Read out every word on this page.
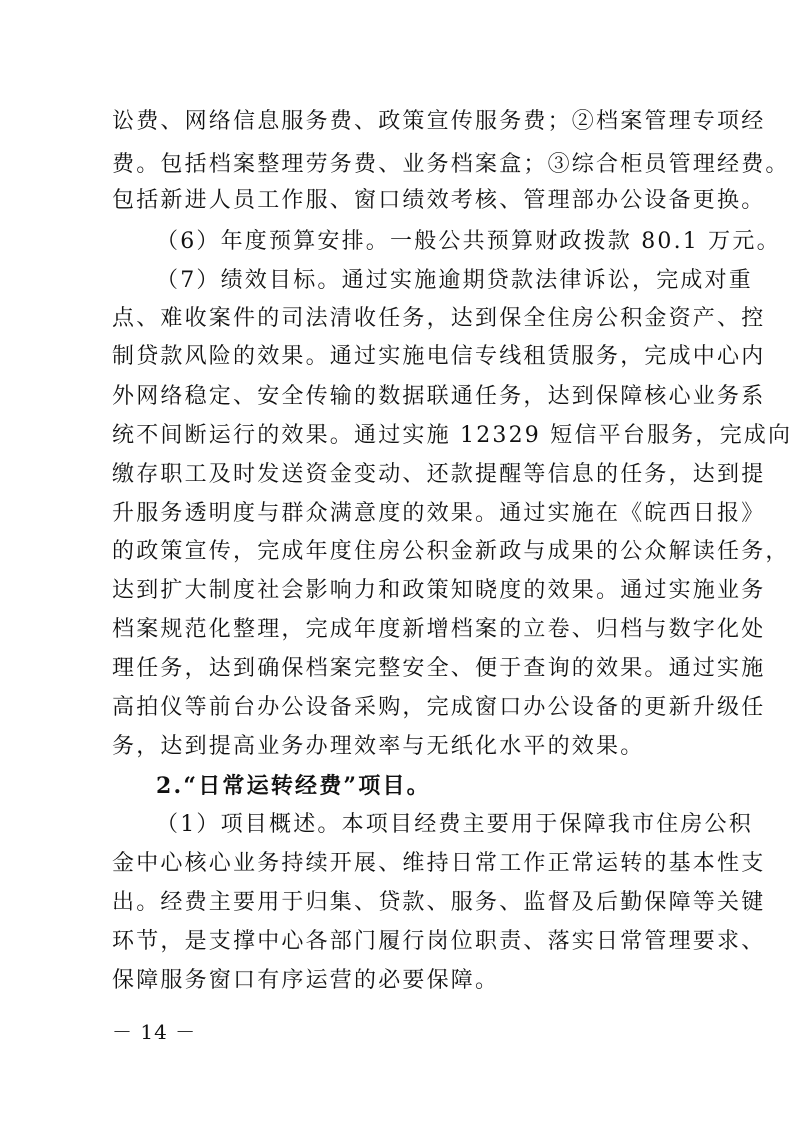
讼费、网络信息服务费、政策宣传服务费；②档案管理专项经
费。包括档案整理劳务费、业务档案盒；③综合柜员管理经费。
包括新进人员工作服、窗口绩效考核、管理部办公设备更换。
（6）年度预算安排。一般公共预算财政拨款 80.1 万元。
（7）绩效目标。通过实施逾期贷款法律诉讼，完成对重
点、难收案件的司法清收任务，达到保全住房公积金资产、控
制贷款风险的效果。通过实施电信专线租赁服务，完成中心内
外网络稳定、安全传输的数据联通任务，达到保障核心业务系
统不间断运行的效果。通过实施 12329 短信平台服务，完成向
缴存职工及时发送资金变动、还款提醒等信息的任务，达到提
升服务透明度与群众满意度的效果。通过实施在《皖西日报》
的政策宣传，完成年度住房公积金新政与成果的公众解读任务，
达到扩大制度社会影响力和政策知晓度的效果。通过实施业务
档案规范化整理，完成年度新增档案的立卷、归档与数字化处
理任务，达到确保档案完整安全、便于查询的效果。通过实施
高拍仪等前台办公设备采购，完成窗口办公设备的更新升级任
务，达到提高业务办理效率与无纸化水平的效果。
2.“日常运转经费”项目。
（1）项目概述。本项目经费主要用于保障我市住房公积
金中心核心业务持续开展、维持日常工作正常运转的基本性支
出。经费主要用于归集、贷款、服务、监督及后勤保障等关键
环节，是支撑中心各部门履行岗位职责、落实日常管理要求、
保障服务窗口有序运营的必要保障。
－ 14 －
